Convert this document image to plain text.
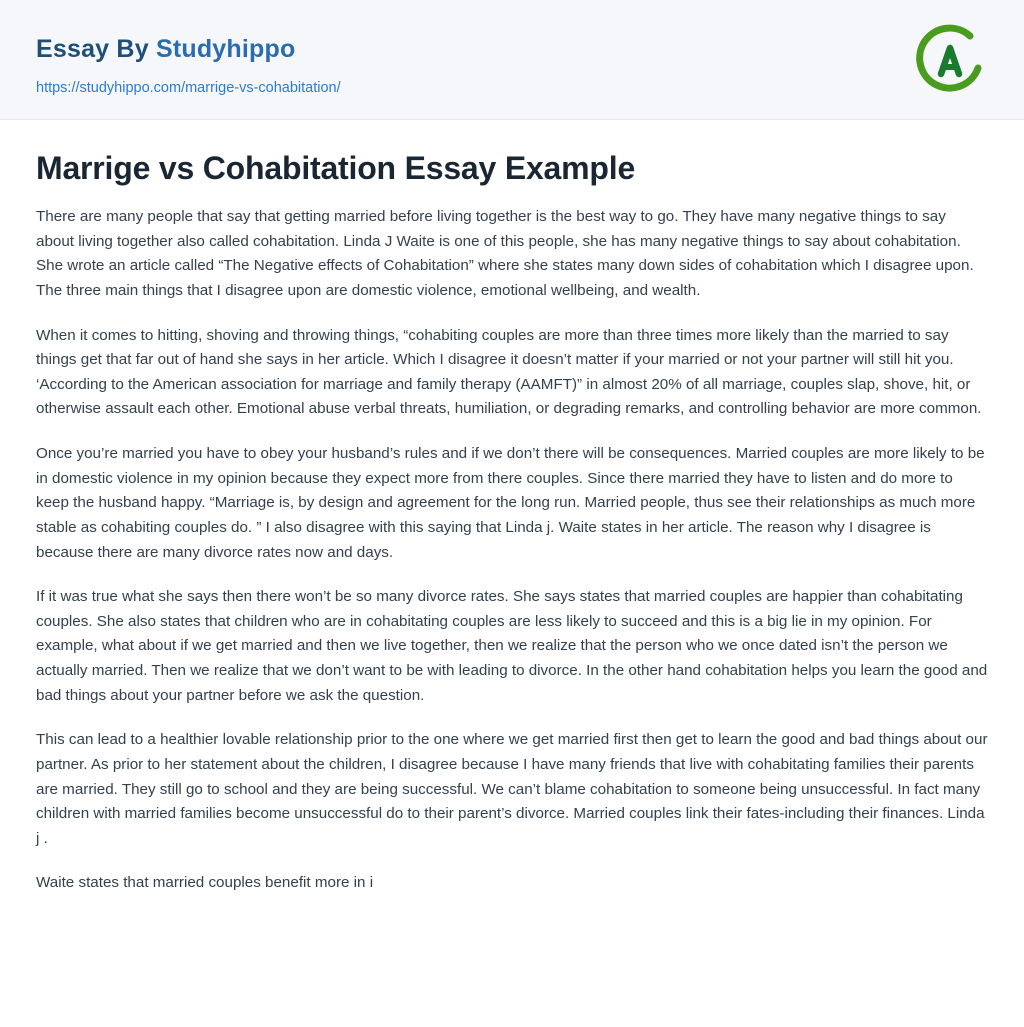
Essay By Studyhippo
https://studyhippo.com/marrige-vs-cohabitation/
Marrige vs Cohabitation Essay Example

There are many people that say that getting married before living together is the best way to go. They have many negative things to say about living together also called cohabitation. Linda J Waite is one of this people, she has many negative things to say about cohabitation. She wrote an article called “The Negative effects of Cohabitation” where she states many down sides of cohabitation which I disagree upon. The three main things that I disagree upon are domestic violence, emotional wellbeing, and wealth.

When it comes to hitting, shoving and throwing things, “cohabiting couples are more than three times more likely than the married to say things get that far out of hand she says in her article. Which I disagree it doesn’t matter if your married or not your partner will still hit you. ‘According to the American association for marriage and family therapy (AAMFT)” in almost 20% of all marriage, couples slap, shove, hit, or otherwise assault each other. Emotional abuse verbal threats, humiliation, or degrading remarks, and controlling behavior are more common.

Once you’re married you have to obey your husband’s rules and if we don’t there will be consequences. Married couples are more likely to be in domestic violence in my opinion because they expect more from there couples. Since there married they have to listen and do more to keep the husband happy. “Marriage is, by design and agreement for the long run. Married people, thus see their relationships as much more stable as cohabiting couples do. ” I also disagree with this saying that Linda j. Waite states in her article. The reason why I disagree is because there are many divorce rates now and days.

If it was true what she says then there won’t be so many divorce rates. She says states that married couples are happier than cohabitating couples. She also states that children who are in cohabitating couples are less likely to succeed and this is a big lie in my opinion. For example, what about if we get married and then we live together, then we realize that the person who we once dated isn’t the person we actually married. Then we realize that we don’t want to be with leading to divorce. In the other hand cohabitation helps you learn the good and bad things about your partner before we ask the question.

This can lead to a healthier lovable relationship prior to the one where we get married first then get to learn the good and bad things about our partner. As prior to her statement about the children, I disagree because I have many friends that live with cohabitating families their parents are married. They still go to school and they are being successful. We can’t blame cohabitation to someone being unsuccessful. In fact many children with married families become unsuccessful do to their parent’s divorce. Married couples link their fates-including their finances. Linda j .

Waite states that married couples benefit more in i
